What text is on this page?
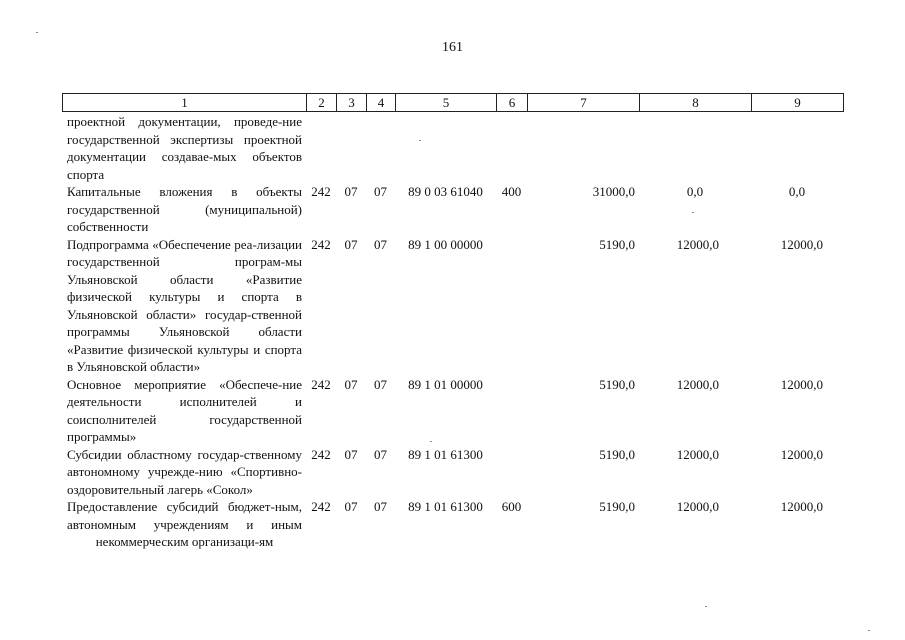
161
1	2	3	4	5	6	7	8	9
проектной документации, проведе-ние государственной экспертизы проектной документации создавае-мых объектов спорта								
Капитальные вложения в объекты государственной (муниципальной) собственности	242	07	07	89 0 03 61040	400	31000,0	0,0	0,0
Подпрограмма «Обеспечение реа-лизации государственной програм-мы Ульяновской области «Развитие физической культуры и спорта в Ульяновской области» государ-ственной программы Ульяновской области «Развитие физической культуры и спорта в Ульяновской области»	242	07	07	89 1 00 00000		5190,0	12000,0	12000,0
Основное мероприятие «Обеспече-ние деятельности исполнителей и соисполнителей государственной программы»	242	07	07	89 1 01 00000		5190,0	12000,0	12000,0
Субсидии областному государ-ственному автономному учрежде-нию «Спортивно-оздоровительный лагерь «Сокол»	242	07	07	89 1 01 61300		5190,0	12000,0	12000,0
Предоставление субсидий бюджет-ным, автономным учреждениям и иным некоммерческим организаци-ям	242	07	07	89 1 01 61300	600	5190,0	12000,0	12000,0
